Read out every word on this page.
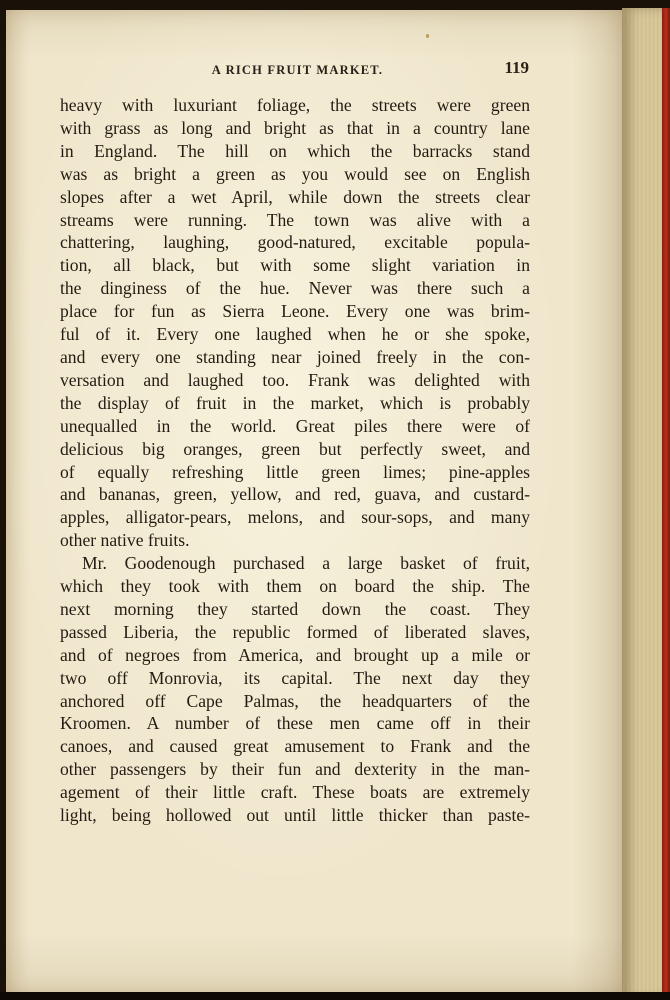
A RICH FRUIT MARKET.	119
heavy with luxuriant foliage, the streets were green
with grass as long and bright as that in a country lane
in England. The hill on which the barracks stand
was as bright a green as you would see on English
slopes after a wet April, while down the streets clear
streams were running. The town was alive with a
chattering, laughing, good-natured, excitable popula-
tion, all black, but with some slight variation in
the dinginess of the hue. Never was there such a
place for fun as Sierra Leone. Every one was brim-
ful of it. Every one laughed when he or she spoke,
and every one standing near joined freely in the con-
versation and laughed too. Frank was delighted with
the display of fruit in the market, which is probably
unequalled in the world. Great piles there were of
delicious big oranges, green but perfectly sweet, and
of equally refreshing little green limes; pine-apples
and bananas, green, yellow, and red, guava, and custard-
apples, alligator-pears, melons, and sour-sops, and many
other native fruits.
Mr. Goodenough purchased a large basket of fruit,
which they took with them on board the ship. The
next morning they started down the coast. They
passed Liberia, the republic formed of liberated slaves,
and of negroes from America, and brought up a mile or
two off Monrovia, its capital. The next day they
anchored off Cape Palmas, the headquarters of the
Kroomen. A number of these men came off in their
canoes, and caused great amusement to Frank and the
other passengers by their fun and dexterity in the man-
agement of their little craft. These boats are extremely
light, being hollowed out until little thicker than paste-
